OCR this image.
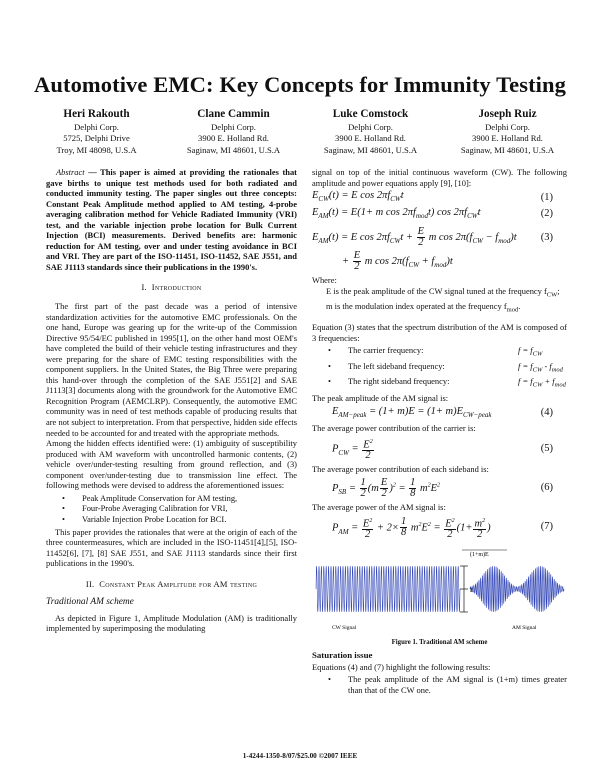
Automotive EMC: Key Concepts for Immunity Testing
Heri Rakouth
Delphi Corp.
5725, Delphi Drive
Troy, MI 48098, U.S.A
Clane Cammin
Delphi Corp.
3900 E. Holland Rd.
Saginaw, MI 48601, U.S.A
Luke Comstock
Delphi Corp.
3900 E. Holland Rd.
Saginaw, MI 48601, U.S.A
Joseph Ruiz
Delphi Corp.
3900 E. Holland Rd.
Saginaw, MI 48601, U.S.A

Abstract — This paper is aimed at providing the rationales that gave births to unique test methods used for both radiated and conducted immunity testing. The paper singles out three concepts: Constant Peak Amplitude method applied to AM testing, 4-probe averaging calibration method for Vehicle Radiated Immunity (VRI) test, and the variable injection probe location for Bulk Current Injection (BCI) measurements. Derived benefits are: harmonic reduction for AM testing, over and under testing avoidance in BCI and VRI. They are part of the ISO-11451, ISO-11452, SAE J551, and SAE J1113 standards since their publications in the 1990's.

I. Introduction

The first part of the past decade was a period of intensive standardization activities for the automotive EMC professionals. On the one hand, Europe was gearing up for the write-up of the Commission Directive 95/54/EC published in 1995[1], on the other hand most OEM's have completed the build of their vehicle testing infrastructures and they were preparing for the share of EMC testing responsibilities with the component suppliers. In the United States, the Big Three were preparing this hand-over through the completion of the SAE J551[2] and SAE J1113[3] documents along with the groundwork for the Automotive EMC Recognition Program (AEMCLRP). Consequently, the automotive EMC community was in need of test methods capable of producing results that are not subject to interpretation. From that perspective, hidden side effects needed to be accounted for and treated with the appropriate methods.

Among the hidden effects identified were: (1) ambiguity of susceptibility produced with AM waveform with uncontrolled harmonic contents, (2) vehicle over/under-testing resulting from ground reflection, and (3) component over/under-testing due to transmission line effect. The following methods were devised to address the aforementioned issues:

• Peak Amplitude Conservation for AM testing,
• Four-Probe Averaging Calibration for VRI,
• Variable Injection Probe Location for BCI.

This paper provides the rationales that were at the origin of each of the three countermeasures, which are included in the ISO-11451[4],[5], ISO-11452[6], [7], [8] SAE J551, and SAE J1113 standards since their first publications in the 1990's.

II. Constant Peak Amplitude for AM testing
Traditional AM scheme

As depicted in Figure 1, Amplitude Modulation (AM) is traditionally implemented by superimposing the modulating

signal on top of the initial continuous waveform (CW). The following amplitude and power equations apply [9], [10]:

$E_{CW}(t) = E$ $\cos 2\pi f_{CW}t$	(1)
$E_{AM}(t) = E(1+ m$ $\cos 2\pi f_{mod}t$) $\cos 2\pi f_{CW}t$	(2)
$E_{AM}(t) = E$ $\cos 2\pi f_{CW}t + \frac{E}{2}$ m $\cos 2\pi(f_{CW} - f_{mod})t$ (3)
+ $\frac{E}{2}$ m $\cos 2\pi(f_{CW} + f_{mod})t$

Where:

E is the peak amplitude of the CW signal tuned at the frequency $f_{CW}$;

m is the modulation index operated at the frequency $f_{mod}$.

Equation (3) states that the spectrum distribution of the AM is composed of 3 frequencies:

• The carrier frequency:	$f = f_{CW}$
• The left sideband frequency:	$f = f_{CW} - f_{mod}$
• The right sideband frequency:	$f = f_{CW} + f_{mod}$

The peak amplitude of the AM signal is:

$E_{AM-peak} = (1+ m)E = (1+ m)E_{CW-peak}$	(4)

The average power contribution of the carrier is:

$P_{CW} = \frac{E^2}{2}$	(5)

The average power contribution of each sideband is:

$P_{SB} = \frac{1}{2} (m \frac{E}{2} )^2 = \frac{1}{8} m^2E^2$	(6)

The average power of the AM signal is:

$P_{AM} = \frac{E^2}{2} + 2\times \frac{1}{8} m^2E^2 = \frac{E^2}{2} (1+ \frac{m^2}{2}$ )	(7)
(1+m)E
E
CW Signal	AM Signal
Figure 1. Traditional AM scheme
Saturation issue

Equations (4) and (7) highlight the following results:

• The peak amplitude of the AM signal is (1+m) times greater than that of the CW one.
1-4244-1350-8/07/$25.00 ©2007 IEEE
